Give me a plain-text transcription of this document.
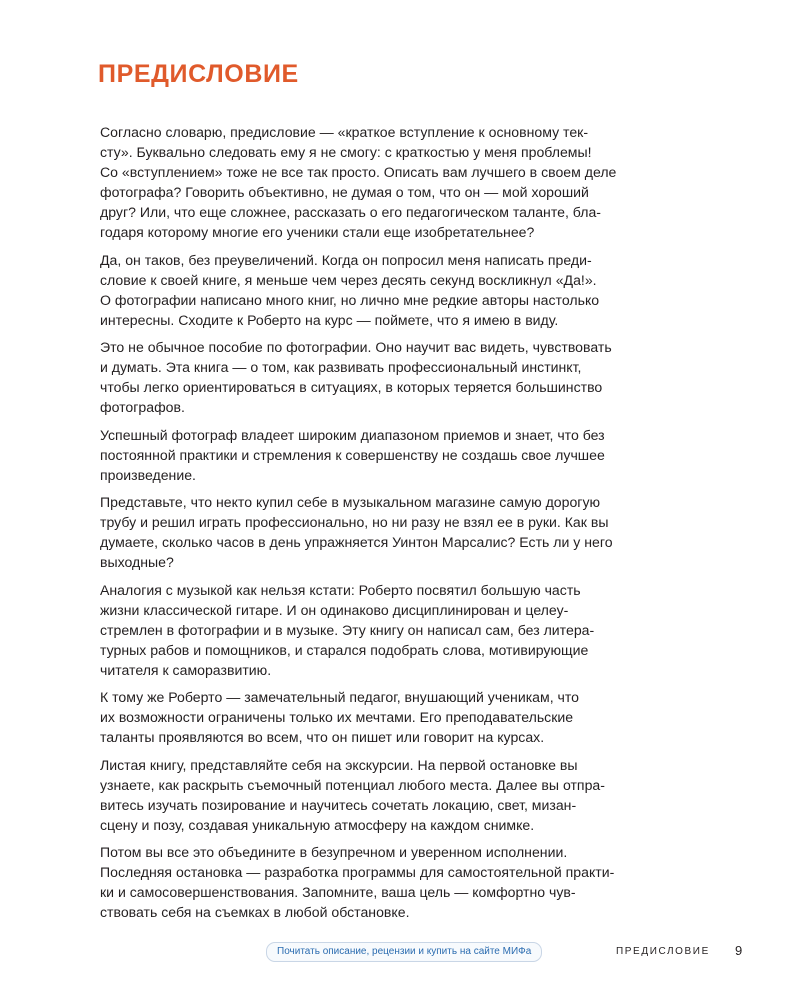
ПРЕДИСЛОВИЕ

Согласно словарю, предисловие — «краткое вступление к основному тек-
сту». Буквально следовать ему я не смогу: с краткостью у меня проблемы!
Со «вступлением» тоже не все так просто. Описать вам лучшего в своем деле
фотографа? Говорить объективно, не думая о том, что он — мой хороший
друг? Или, что еще сложнее, рассказать о его педагогическом таланте, бла-
годаря которому многие его ученики стали еще изобретательнее?

Да, он таков, без преувеличений. Когда он попросил меня написать преди-
словие к своей книге, я меньше чем через десять секунд воскликнул «Да!».
О фотографии написано много книг, но лично мне редкие авторы настолько
интересны. Сходите к Роберто на курс — поймете, что я имею в виду.

Это не обычное пособие по фотографии. Оно научит вас видеть, чувствовать
и думать. Эта книга — о том, как развивать профессиональный инстинкт,
чтобы легко ориентироваться в ситуациях, в которых теряется большинство
фотографов.

Успешный фотограф владеет широким диапазоном приемов и знает, что без
постоянной практики и стремления к совершенству не создашь свое лучшее
произведение.

Представьте, что некто купил себе в музыкальном магазине самую дорогую
трубу и решил играть профессионально, но ни разу не взял ее в руки. Как вы
думаете, сколько часов в день упражняется Уинтон Марсалис? Есть ли у него
выходные?

Аналогия с музыкой как нельзя кстати: Роберто посвятил большую часть
жизни классической гитаре. И он одинаково дисциплинирован и целеу-
стремлен в фотографии и в музыке. Эту книгу он написал сам, без литера-
турных рабов и помощников, и старался подобрать слова, мотивирующие
читателя к саморазвитию.

К тому же Роберто — замечательный педагог, внушающий ученикам, что
их возможности ограничены только их мечтами. Его преподавательские
таланты проявляются во всем, что он пишет или говорит на курсах.

Листая книгу, представляйте себя на экскурсии. На первой остановке вы
узнаете, как раскрыть съемочный потенциал любого места. Далее вы отпра-
витесь изучать позирование и научитесь сочетать локацию, свет, мизан-
сцену и позу, создавая уникальную атмосферу на каждом снимке.

Потом вы все это объедините в безупречном и уверенном исполнении.
Последняя остановка — разработка программы для самостоятельной практи-
ки и самосовершенствования. Запомните, ваша цель — комфортно чув-
ствовать себя на съемках в любой обстановке.

Почитать описание, рецензии и купить на сайте МИФа	ПРЕДИСЛОВИЕ 9
